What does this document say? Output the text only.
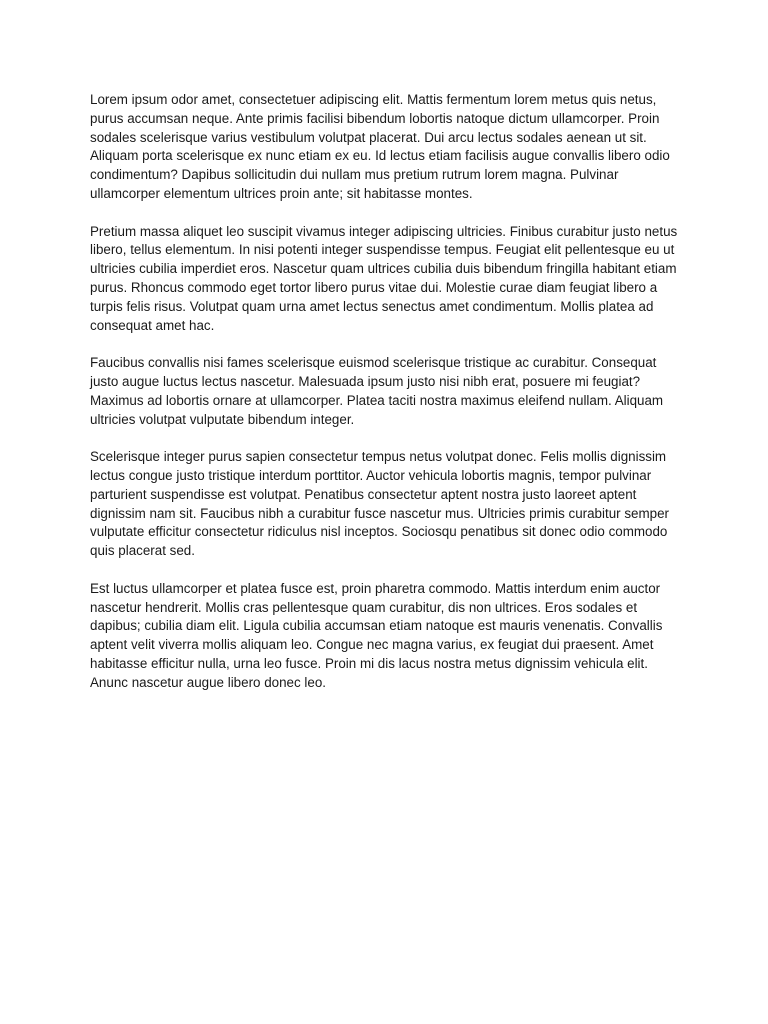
Lorem ipsum odor amet, consectetuer adipiscing elit. Mattis fermentum lorem metus quis netus, purus accumsan neque. Ante primis facilisi bibendum lobortis natoque dictum ullamcorper. Proin sodales scelerisque varius vestibulum volutpat placerat. Dui arcu lectus sodales aenean ut sit. Aliquam porta scelerisque ex nunc etiam ex eu. Id lectus etiam facilisis augue convallis libero odio condimentum? Dapibus sollicitudin dui nullam mus pretium rutrum lorem magna. Pulvinar ullamcorper elementum ultrices proin ante; sit habitasse montes.

Pretium massa aliquet leo suscipit vivamus integer adipiscing ultricies. Finibus curabitur justo netus libero, tellus elementum. In nisi potenti integer suspendisse tempus. Feugiat elit pellentesque eu ut ultricies cubilia imperdiet eros. Nascetur quam ultrices cubilia duis bibendum fringilla habitant etiam purus. Rhoncus commodo eget tortor libero purus vitae dui. Molestie curae diam feugiat libero a turpis felis risus. Volutpat quam urna amet lectus senectus amet condimentum. Mollis platea ad consequat amet hac.

Faucibus convallis nisi fames scelerisque euismod scelerisque tristique ac curabitur. Consequat justo augue luctus lectus nascetur. Malesuada ipsum justo nisi nibh erat, posuere mi feugiat? Maximus ad lobortis ornare at ullamcorper. Platea taciti nostra maximus eleifend nullam. Aliquam ultricies volutpat vulputate bibendum integer.

Scelerisque integer purus sapien consectetur tempus netus volutpat donec. Felis mollis dignissim lectus congue justo tristique interdum porttitor. Auctor vehicula lobortis magnis, tempor pulvinar parturient suspendisse est volutpat. Penatibus consectetur aptent nostra justo laoreet aptent dignissim nam sit. Faucibus nibh a curabitur fusce nascetur mus. Ultricies primis curabitur semper vulputate efficitur consectetur ridiculus nisl inceptos. Sociosqu penatibus sit donec odio commodo quis placerat sed.

Est luctus ullamcorper et platea fusce est, proin pharetra commodo. Mattis interdum enim auctor nascetur hendrerit. Mollis cras pellentesque quam curabitur, dis non ultrices. Eros sodales et dapibus; cubilia diam elit. Ligula cubilia accumsan etiam natoque est mauris venenatis. Convallis aptent velit viverra mollis aliquam leo. Congue nec magna varius, ex feugiat dui praesent. Amet habitasse efficitur nulla, urna leo fusce. Proin mi dis lacus nostra metus dignissim vehicula elit. Anunc nascetur augue libero donec leo.
